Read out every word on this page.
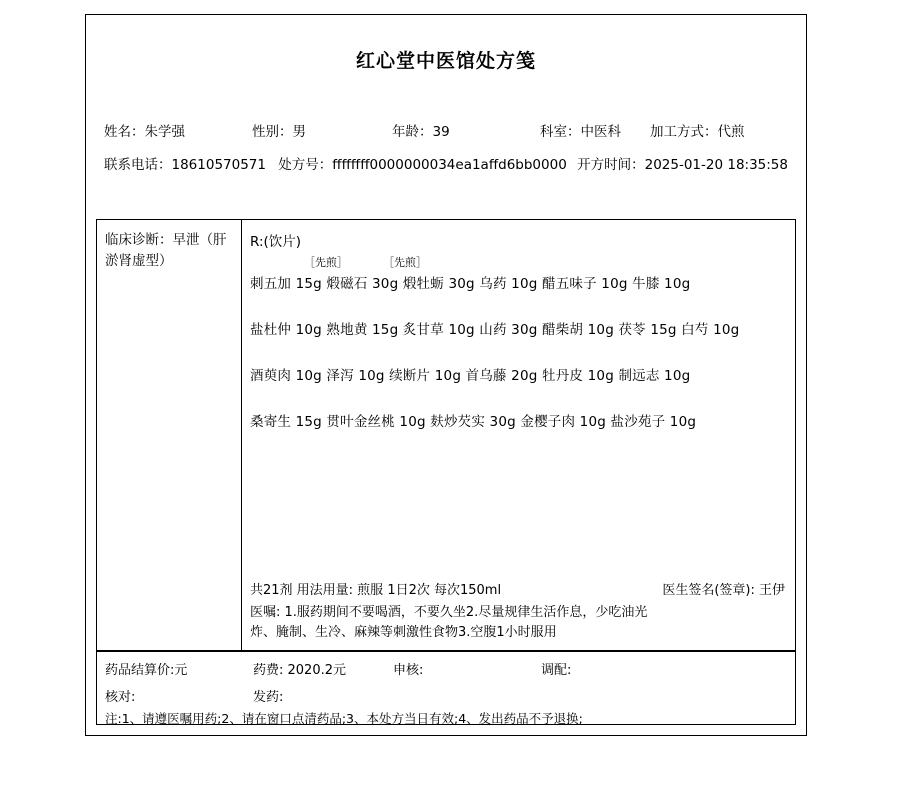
红心堂中医馆处方笺
姓名：朱学强	性别：男	年龄：39	科室：中医科	加工方式：代煎
联系电话：18610570571 处方号：ffffffff0000000034ea1affd6bb0000 开方时间：2025-01-20 18:35:58
临床诊断：早泄（肝淤肾虚型）
R:(饮片)
［先煎］          ［先煎］
刺五加 15g 煅磁石 30g 煅牡蛎 30g 乌药 10g 醋五味子 10g 牛膝 10g
盐杜仲 10g 熟地黄 15g 炙甘草 10g 山药 30g 醋柴胡 10g 茯苓 15g 白芍 10g
酒萸肉 10g 泽泻 10g 续断片 10g 首乌藤 20g 牡丹皮 10g 制远志 10g
桑寄生 15g 贯叶金丝桃 10g 麸炒芡实 30g 金樱子肉 10g 盐沙苑子 10g
共21剂 用法用量: 煎服 1日2次 每次150ml	医生签名(签章): 王伊
医嘱: 1.服药期间不要喝酒，不要久坐2.尽量规律生活作息，少吃油光
炸、腌制、生冷、麻辣等刺激性食物3.空腹1小时服用
药品结算价:元	药费: 2020.2元	申核:	调配:
核对:	发药:
注:1、请遵医嘱用药;2、请在窗口点清药品;3、本处方当日有效;4、发出药品不予退换;
